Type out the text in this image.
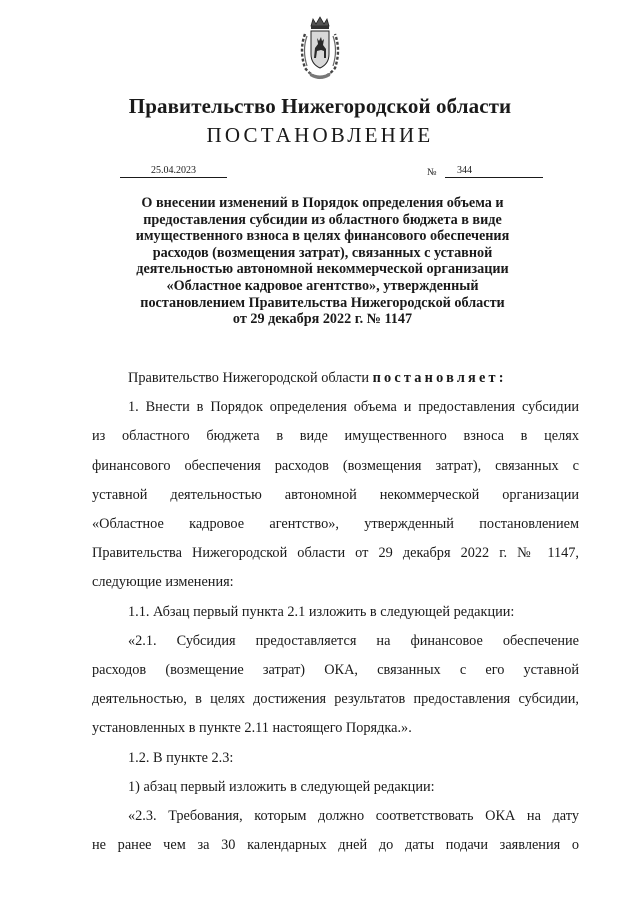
Правительство Нижегородской области
ПОСТАНОВЛЕНИЕ
25.04.2023	№	344
О внесении изменений в Порядок определения объема и
предоставления субсидии из областного бюджета в виде
имущественного взноса в целях финансового обеспечения
расходов (возмещения затрат), связанных с уставной
деятельностью автономной некоммерческой организации
«Областное кадровое агентство», утвержденный
постановлением Правительства Нижегородской области
от 29 декабря 2022 г. № 1147
Правительство Нижегородской области постановляет:
1. Внести в Порядок определения объема и предоставления субсидии
из областного бюджета в виде имущественного взноса в целях
финансового обеспечения расходов (возмещения затрат), связанных с
уставной деятельностью автономной некоммерческой организации
«Областное кадровое агентство», утвержденный постановлением
Правительства Нижегородской области от 29 декабря 2022 г. № 1147,
следующие изменения:
1.1. Абзац первый пункта 2.1 изложить в следующей редакции:
«2.1. Субсидия предоставляется на финансовое обеспечение
расходов (возмещение затрат) ОКА, связанных с его уставной
деятельностью, в целях достижения результатов предоставления субсидии,
установленных в пункте 2.11 настоящего Порядка.».
1.2. В пункте 2.3:
1) абзац первый изложить в следующей редакции:
«2.3. Требования, которым должно соответствовать ОКА на дату
не ранее чем за 30 календарных дней до даты подачи заявления о
